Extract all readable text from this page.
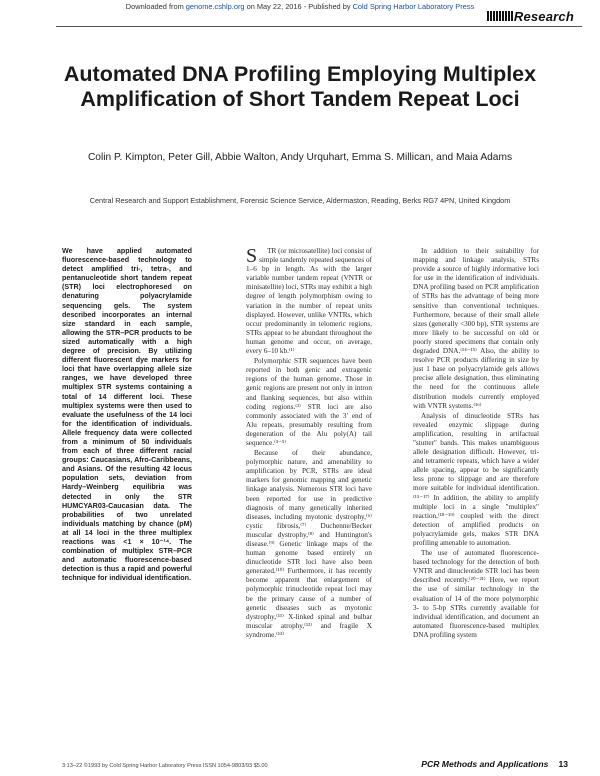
Downloaded from genome.cshlp.org on May 22, 2016 - Published by Cold Spring Harbor Laboratory Press
Research
Automated DNA Profiling Employing Multiplex Amplification of Short Tandem Repeat Loci
Colin P. Kimpton, Peter Gill, Abbie Walton, Andy Urquhart, Emma S. Millican, and Maia Adams
Central Research and Support Establishment, Forensic Science Service, Aldermaston, Reading, Berks RG7 4PN, United Kingdom
We have applied automated fluorescence-based technology to detect amplified tri-, tetra-, and pentanucleotide short tandem repeat (STR) loci electrophoresed on denaturing polyacrylamide sequencing gels. The system described incorporates an internal size standard in each sample, allowing the STR–PCR products to be sized automatically with a high degree of precision. By utilizing different fluorescent dye markers for loci that have overlapping allele size ranges, we have developed three multiplex STR systems containing a total of 14 different loci. These multiplex systems were then used to evaluate the usefulness of the 14 loci for the identification of individuals. Allele frequency data were collected from a minimum of 50 individuals from each of three different racial groups: Caucasians, Afro-Caribbeans, and Asians. Of the resulting 42 locus population sets, deviation from Hardy–Weinberg equilibria was detected in only the STR HUMCYAR03-Caucasian data. The probabilities of two unrelated individuals matching by chance (pM) at all 14 loci in the three multiplex reactions was <1 × 10⁻¹⁴. The combination of multiplex STR–PCR and automatic fluorescence-based detection is thus a rapid and powerful technique for individual identification.

S TR (or microsatellite) loci consist of simple tandemly repeated sequences of 1–6 bp in length. As with the larger variable number tandem repeat (VNTR or minisatellite) loci, STRs may exhibit a high degree of length polymorphism owing to variation in the number of repeat units displayed. However, unlike VNTRs, which occur predominantly in telomeric regions, STRs appear to be abundant throughout the human genome and occur, on average, every 6–10 kb.⁽¹⁾

Polymorphic STR sequences have been reported in both genic and extragenic regions of the human genome. Those in genic regions are present not only in intron and flanking sequences, but also within coding regions.⁽²⁾ STR loci are also commonly associated with the 3′ end of Alu repeats, presumably resulting from degeneration of the Alu poly(A) tail sequence.⁽³⁻⁵⁾

Because of their abundance, polymorphic nature, and amenability to amplification by PCR, STRs are ideal markers for genomic mapping and genetic linkage analysis. Numerous STR loci have been reported for use in predictive diagnosis of many genetically inherited diseases, including myotonic dystrophy,⁽⁶⁾ cystic fibrosis,⁽⁷⁾ Duchenne/Becker muscular dystrophy,⁽⁸⁾ and Huntington's disease.⁽⁹⁾ Genetic linkage maps of the human genome based entirely on dinucleotide STR loci have also been generated.⁽¹⁰⁾ Furthermore, it has recently become apparent that enlargement of polymorphic trinucleotide repeat loci may be the primary cause of a number of genetic diseases such as myotonic dystrophy,⁽¹¹⁾ X-linked spinal and bulbar muscular atrophy,⁽¹²⁾ and fragile X syndrome.⁽¹³⁾

In addition to their suitability for mapping and linkage analysis, STRs provide a source of highly informative loci for use in the identification of individuals. DNA profiling based on PCR amplification of STRs has the advantage of being more sensitive than conventional techniques. Furthermore, because of their small allele sizes (generally <300 bp), STR systems are more likely to be successful on old or poorly stored specimens that contain only degraded DNA.⁽¹⁴⁻¹⁵⁾ Also, the ability to resolve PCR products differing in size by just 1 base on polyacrylamide gels allows precise allele designation, thus eliminating the need for the continuous allele distribution models currently employed with VNTR systems.⁽¹⁶⁾

Analysis of dinucleotide STRs has revealed enzymic slippage during amplification, resulting in artifactual "stutter" bands. This makes unambiguous allele designation difficult. However, tri- and tetrameric repeats, which have a wider allele spacing, appear to be significantly less prone to slippage and are therefore more suitable for individual identification.⁽¹⁵⁻¹⁷⁾ In addition, the ability to amplify multiple loci in a single "multiplex" reaction,⁽¹⁸⁻¹⁹⁾ coupled with the direct detection of amplified products on polyacrylamide gels, makes STR DNA profiling amenable to automation.

The use of automated fluorescence-based technology for the detection of both VNTR and dinucleotide STR loci has been described recently.⁽²⁰⁻²¹⁾ Here, we report the use of similar technology in the evaluation of 14 of the more polymorphic 3- to 5-bp STRs currently available for individual identification, and document an automated fluorescence-based multiplex DNA profiling system

3:13–22 ©1993 by Cold Spring Harbor Laboratory Press ISSN 1054-9803/93 $5.00	PCR Methods and Applications 13
